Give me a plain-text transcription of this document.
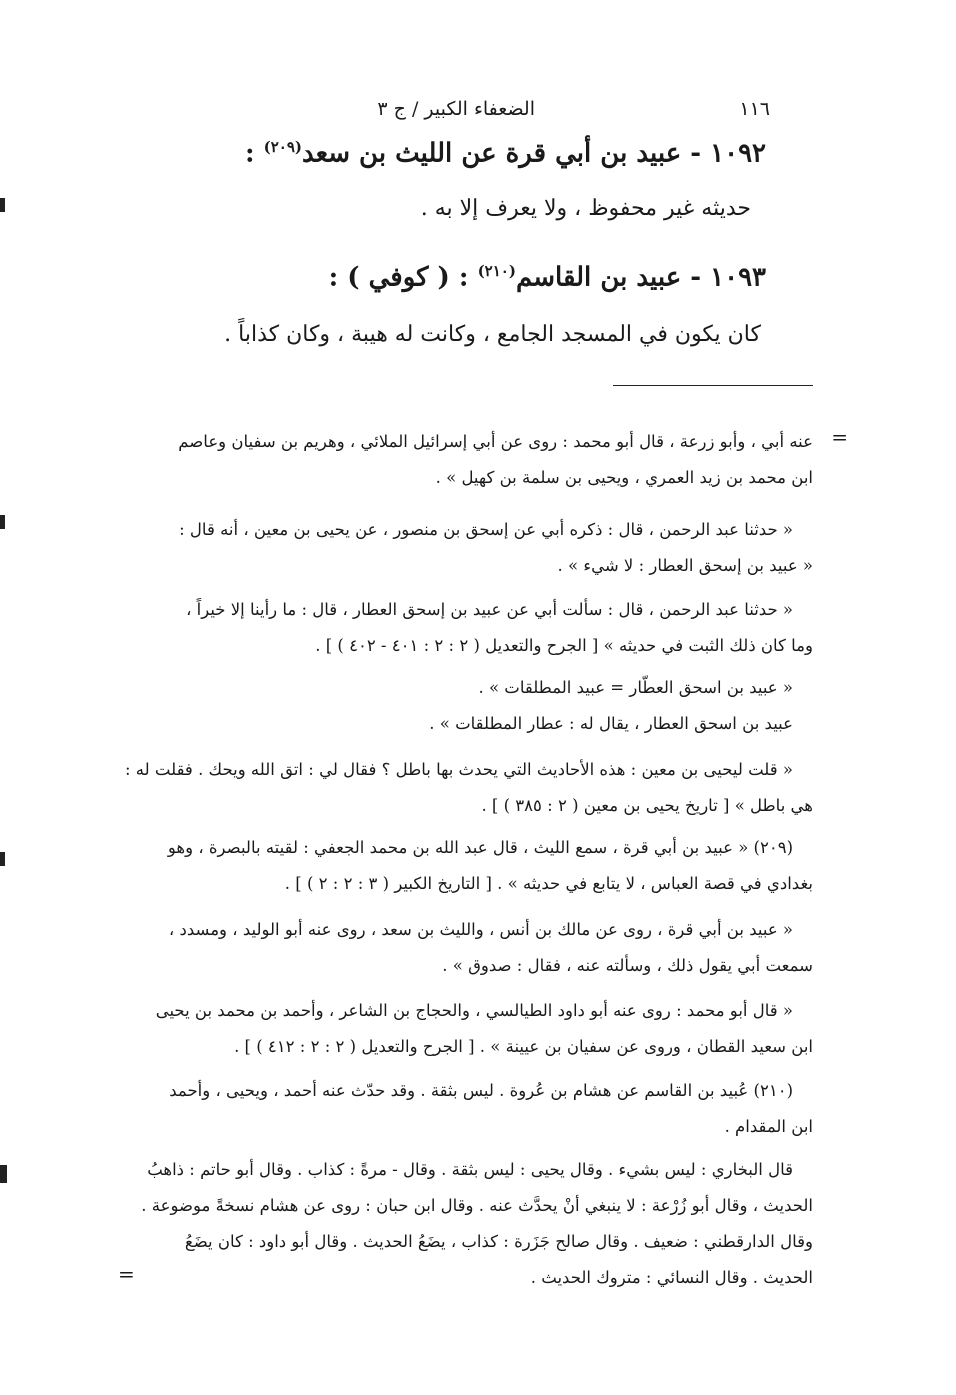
١١٦
الضعفاء الكبير / ج ٣
١٠٩٢ - عبيد بن أبي قرة عن الليث بن سعد$^{(٢٠٩)}$ :
حديثه غير محفوظ ، ولا يعرف إلا به .
١٠٩٣ - عبيد بن القاسم$^{(٢١٠)}$ : ( كوفي ) :
كان يكون في المسجد الجامع ، وكانت له هيبة ، وكان كذاباً .
=
عنه أبي ، وأبو زرعة ، قال أبو محمد : روى عن أبي إسرائيل الملائي ، وهريم بن سفيان وعاصم
ابن محمد بن زيد العمري ، ويحيى بن سلمة بن كهيل » .
« حدثنا عبد الرحمن ، قال : ذكره أبي عن إسحق بن منصور ، عن يحيى بن معين ، أنه قال :
« عبيد بن إسحق العطار : لا شيء » .
« حدثنا عبد الرحمن ، قال : سألت أبي عن عبيد بن إسحق العطار ، قال : ما رأينا إلا خيراً ،
وما كان ذلك الثبت في حديثه » [ الجرح والتعديل ( ٢ : ٢ : ٤٠١ - ٤٠٢ ) ] .
« عبيد بن اسحق العطّار = عبيد المطلقات » .
عبيد بن اسحق العطار ، يقال له : عطار المطلقات » .
« قلت ليحيى بن معين : هذه الأحاديث التي يحدث بها باطل ؟ فقال لي : اتق الله ويحك . فقلت له :
هي باطل » [ تاريخ يحيى بن معين ( ٢ : ٣٨٥ ) ] .
(٢٠٩) « عبيد بن أبي قرة ، سمع الليث ، قال عبد الله بن محمد الجعفي : لقيته بالبصرة ، وهو
بغدادي في قصة العباس ، لا يتابع في حديثه » . [ التاريخ الكبير ( ٣ : ٢ : ٢ ) ] .
« عبيد بن أبي قرة ، روى عن مالك بن أنس ، والليث بن سعد ، روى عنه أبو الوليد ، ومسدد ،
سمعت أبي يقول ذلك ، وسألته عنه ، فقال : صدوق » .
« قال أبو محمد : روى عنه أبو داود الطيالسي ، والحجاج بن الشاعر ، وأحمد بن محمد بن يحيى
ابن سعيد القطان ، وروى عن سفيان بن عيينة » . [ الجرح والتعديل ( ٢ : ٢ : ٤١٢ ) ] .
(٢١٠) عُبيد بن القاسم عن هشام بن عُروة . ليس بثقة . وقد حدّث عنه أحمد ، ويحيى ، وأحمد
ابن المقدام .
قال البخاري : ليس بشيء . وقال يحيى : ليس بثقة . وقال - مرةً : كذاب . وقال أبو حاتم : ذاهبُ
الحديث ، وقال أبو زُرْعة : لا ينبغي أنْ يحدَّث عنه . وقال ابن حبان : روى عن هشام نسخةً موضوعة .
وقال الدارقطني : ضعيف . وقال صالح جَزَرة : كذاب ، يضَعُ الحديث . وقال أبو داود : كان يضَعُ
الحديث . وقال النسائي : متروك الحديث .
=
